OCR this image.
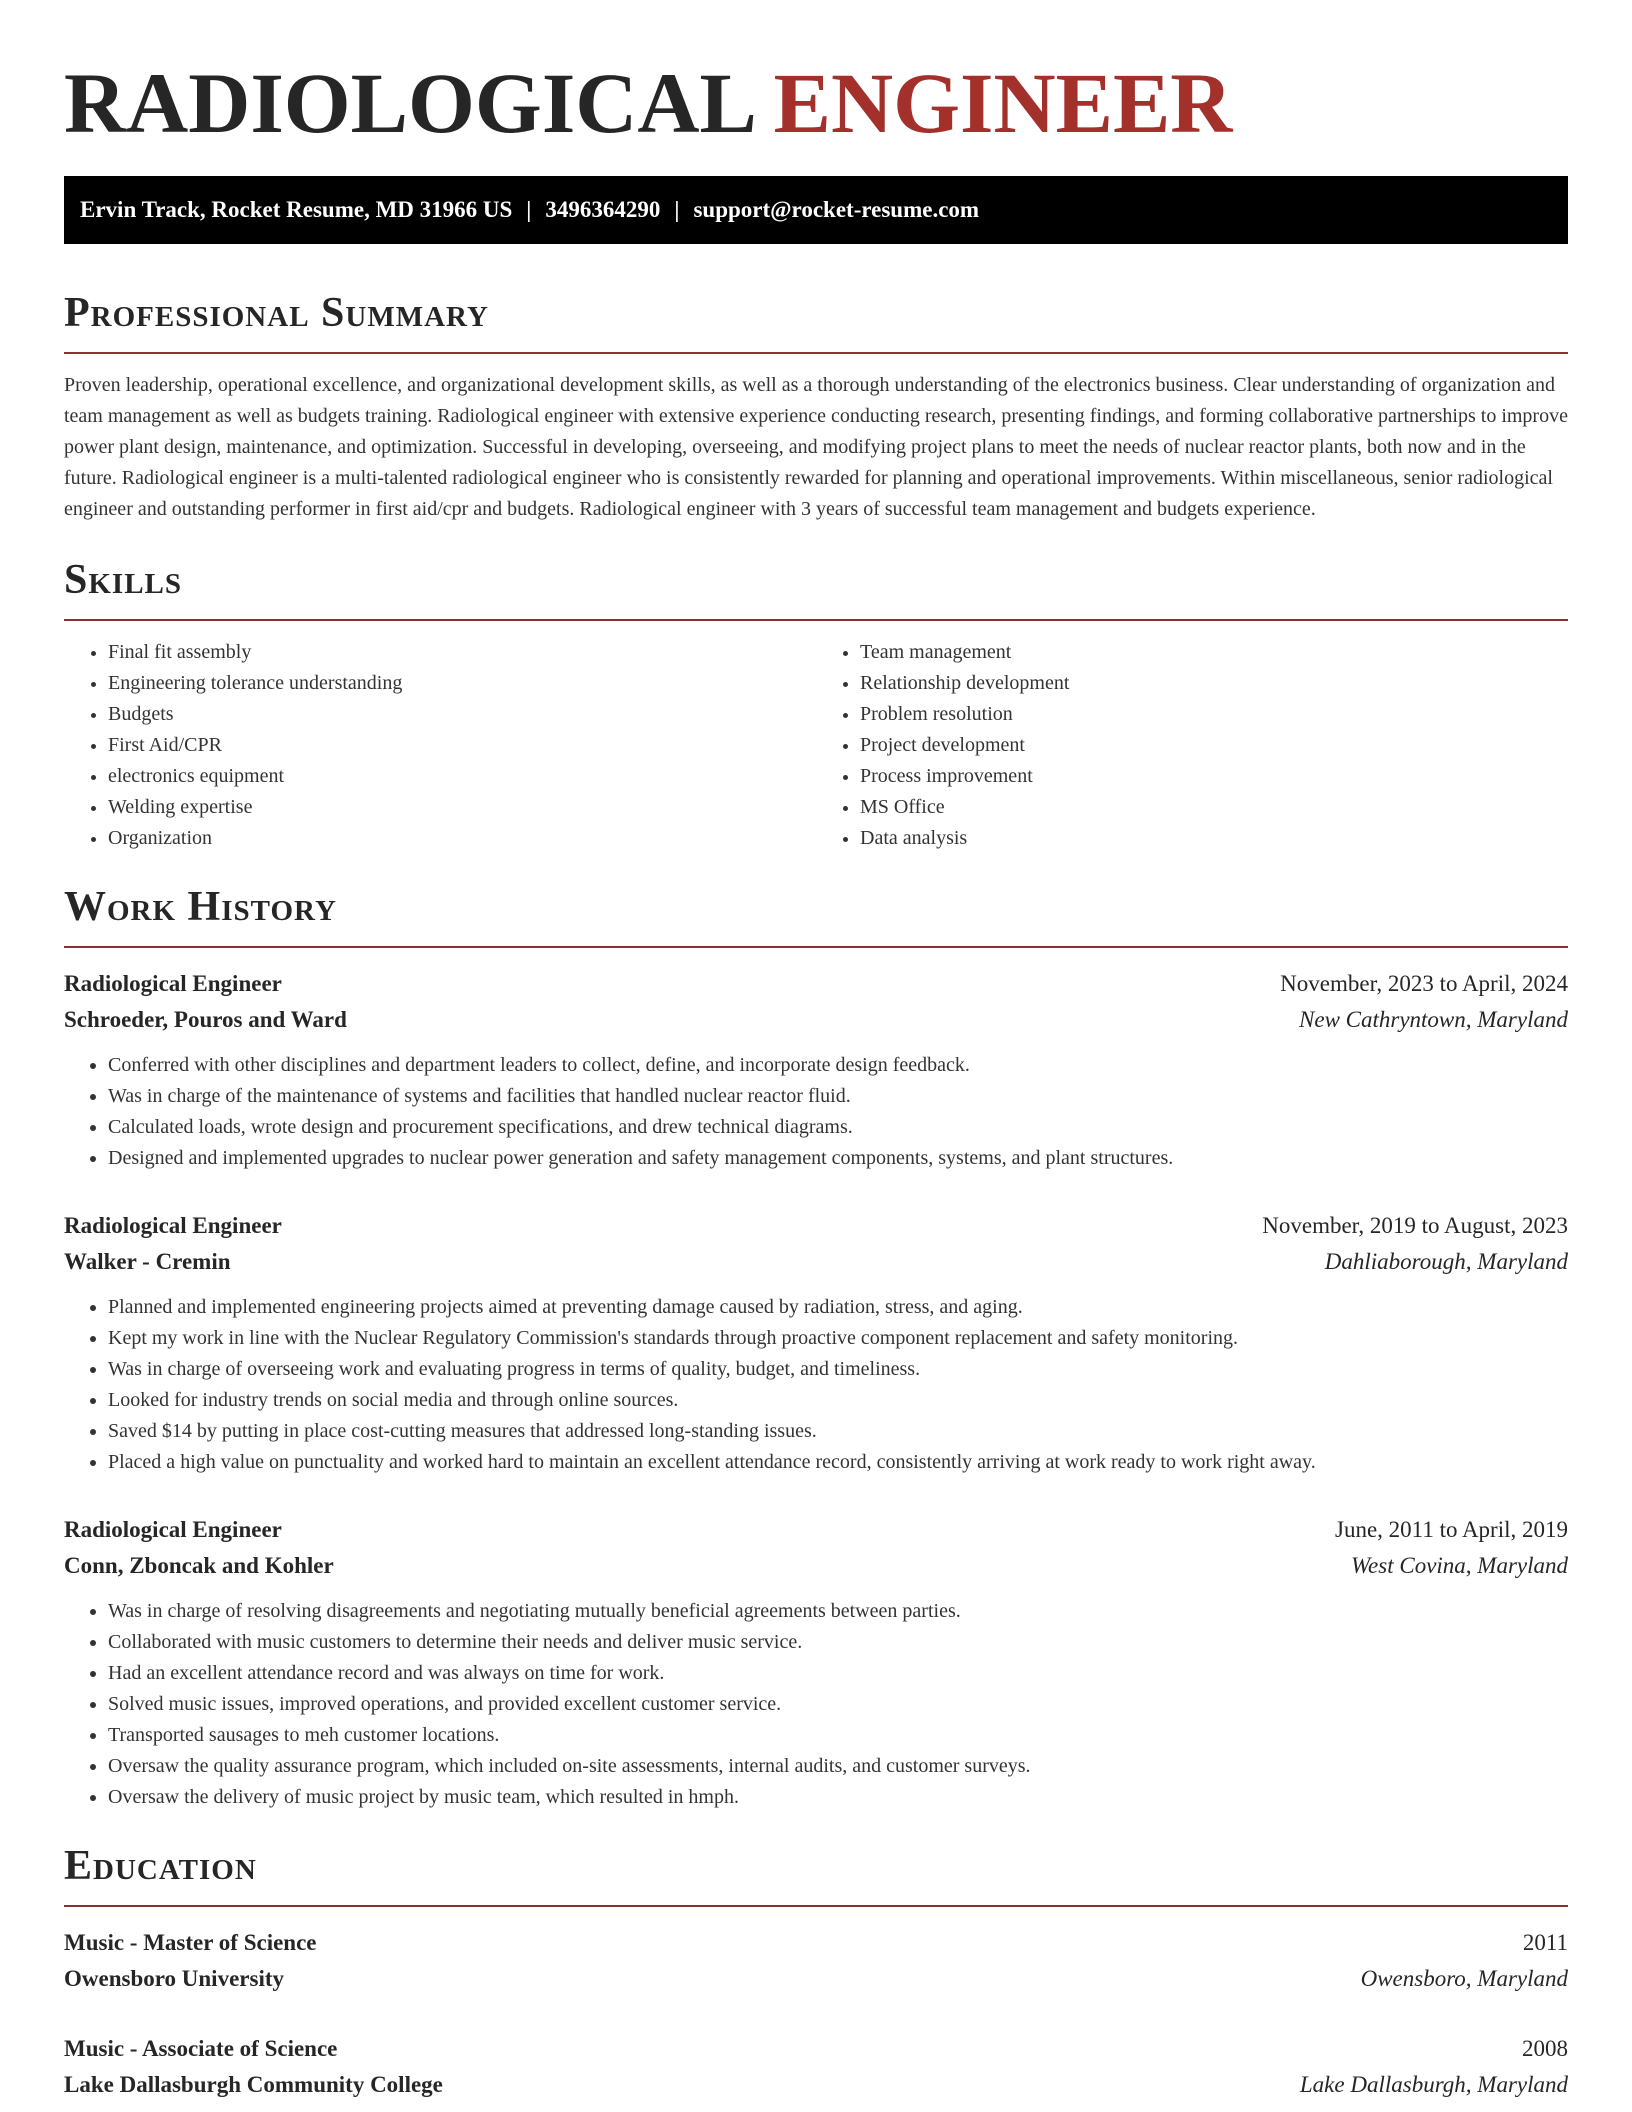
RADIOLOGICAL ENGINEER
Ervin Track, Rocket Resume, MD 31966 US | 3496364290 | support@rocket-resume.com
Professional Summary

Proven leadership, operational excellence, and organizational development skills, as well as a thorough understanding of the electronics business. Clear understanding of organization and team management as well as budgets training. Radiological engineer with extensive experience conducting research, presenting findings, and forming collaborative partnerships to improve power plant design, maintenance, and optimization. Successful in developing, overseeing, and modifying project plans to meet the needs of nuclear reactor plants, both now and in the future. Radiological engineer is a multi-talented radiological engineer who is consistently rewarded for planning and operational improvements. Within miscellaneous, senior radiological engineer and outstanding performer in first aid/cpr and budgets. Radiological engineer with 3 years of successful team management and budgets experience.

Skills
• Final fit assembly
• Engineering tolerance understanding
• Budgets
• First Aid/CPR
• electronics equipment
• Welding expertise
• Organization
• Team management
• Relationship development
• Problem resolution
• Project development
• Process improvement
• MS Office
• Data analysis
Work History
Radiological Engineer	November, 2023 to April, 2024
Schroeder, Pouros and Ward	New Cathryntown, Maryland
• Conferred with other disciplines and department leaders to collect, define, and incorporate design feedback.
• Was in charge of the maintenance of systems and facilities that handled nuclear reactor fluid.
• Calculated loads, wrote design and procurement specifications, and drew technical diagrams.
• Designed and implemented upgrades to nuclear power generation and safety management components, systems, and plant structures.
Radiological Engineer	November, 2019 to August, 2023
Walker - Cremin	Dahliaborough, Maryland
• Planned and implemented engineering projects aimed at preventing damage caused by radiation, stress, and aging.
• Kept my work in line with the Nuclear Regulatory Commission's standards through proactive component replacement and safety monitoring.
• Was in charge of overseeing work and evaluating progress in terms of quality, budget, and timeliness.
• Looked for industry trends on social media and through online sources.
• Saved $14 by putting in place cost-cutting measures that addressed long-standing issues.
• Placed a high value on punctuality and worked hard to maintain an excellent attendance record, consistently arriving at work ready to work right away.
Radiological Engineer	June, 2011 to April, 2019
Conn, Zboncak and Kohler	West Covina, Maryland
• Was in charge of resolving disagreements and negotiating mutually beneficial agreements between parties.
• Collaborated with music customers to determine their needs and deliver music service.
• Had an excellent attendance record and was always on time for work.
• Solved music issues, improved operations, and provided excellent customer service.
• Transported sausages to meh customer locations.
• Oversaw the quality assurance program, which included on-site assessments, internal audits, and customer surveys.
• Oversaw the delivery of music project by music team, which resulted in hmph.
Education
Music - Master of Science	2011
Owensboro University	Owensboro, Maryland
Music - Associate of Science	2008
Lake Dallasburgh Community College	Lake Dallasburgh, Maryland
